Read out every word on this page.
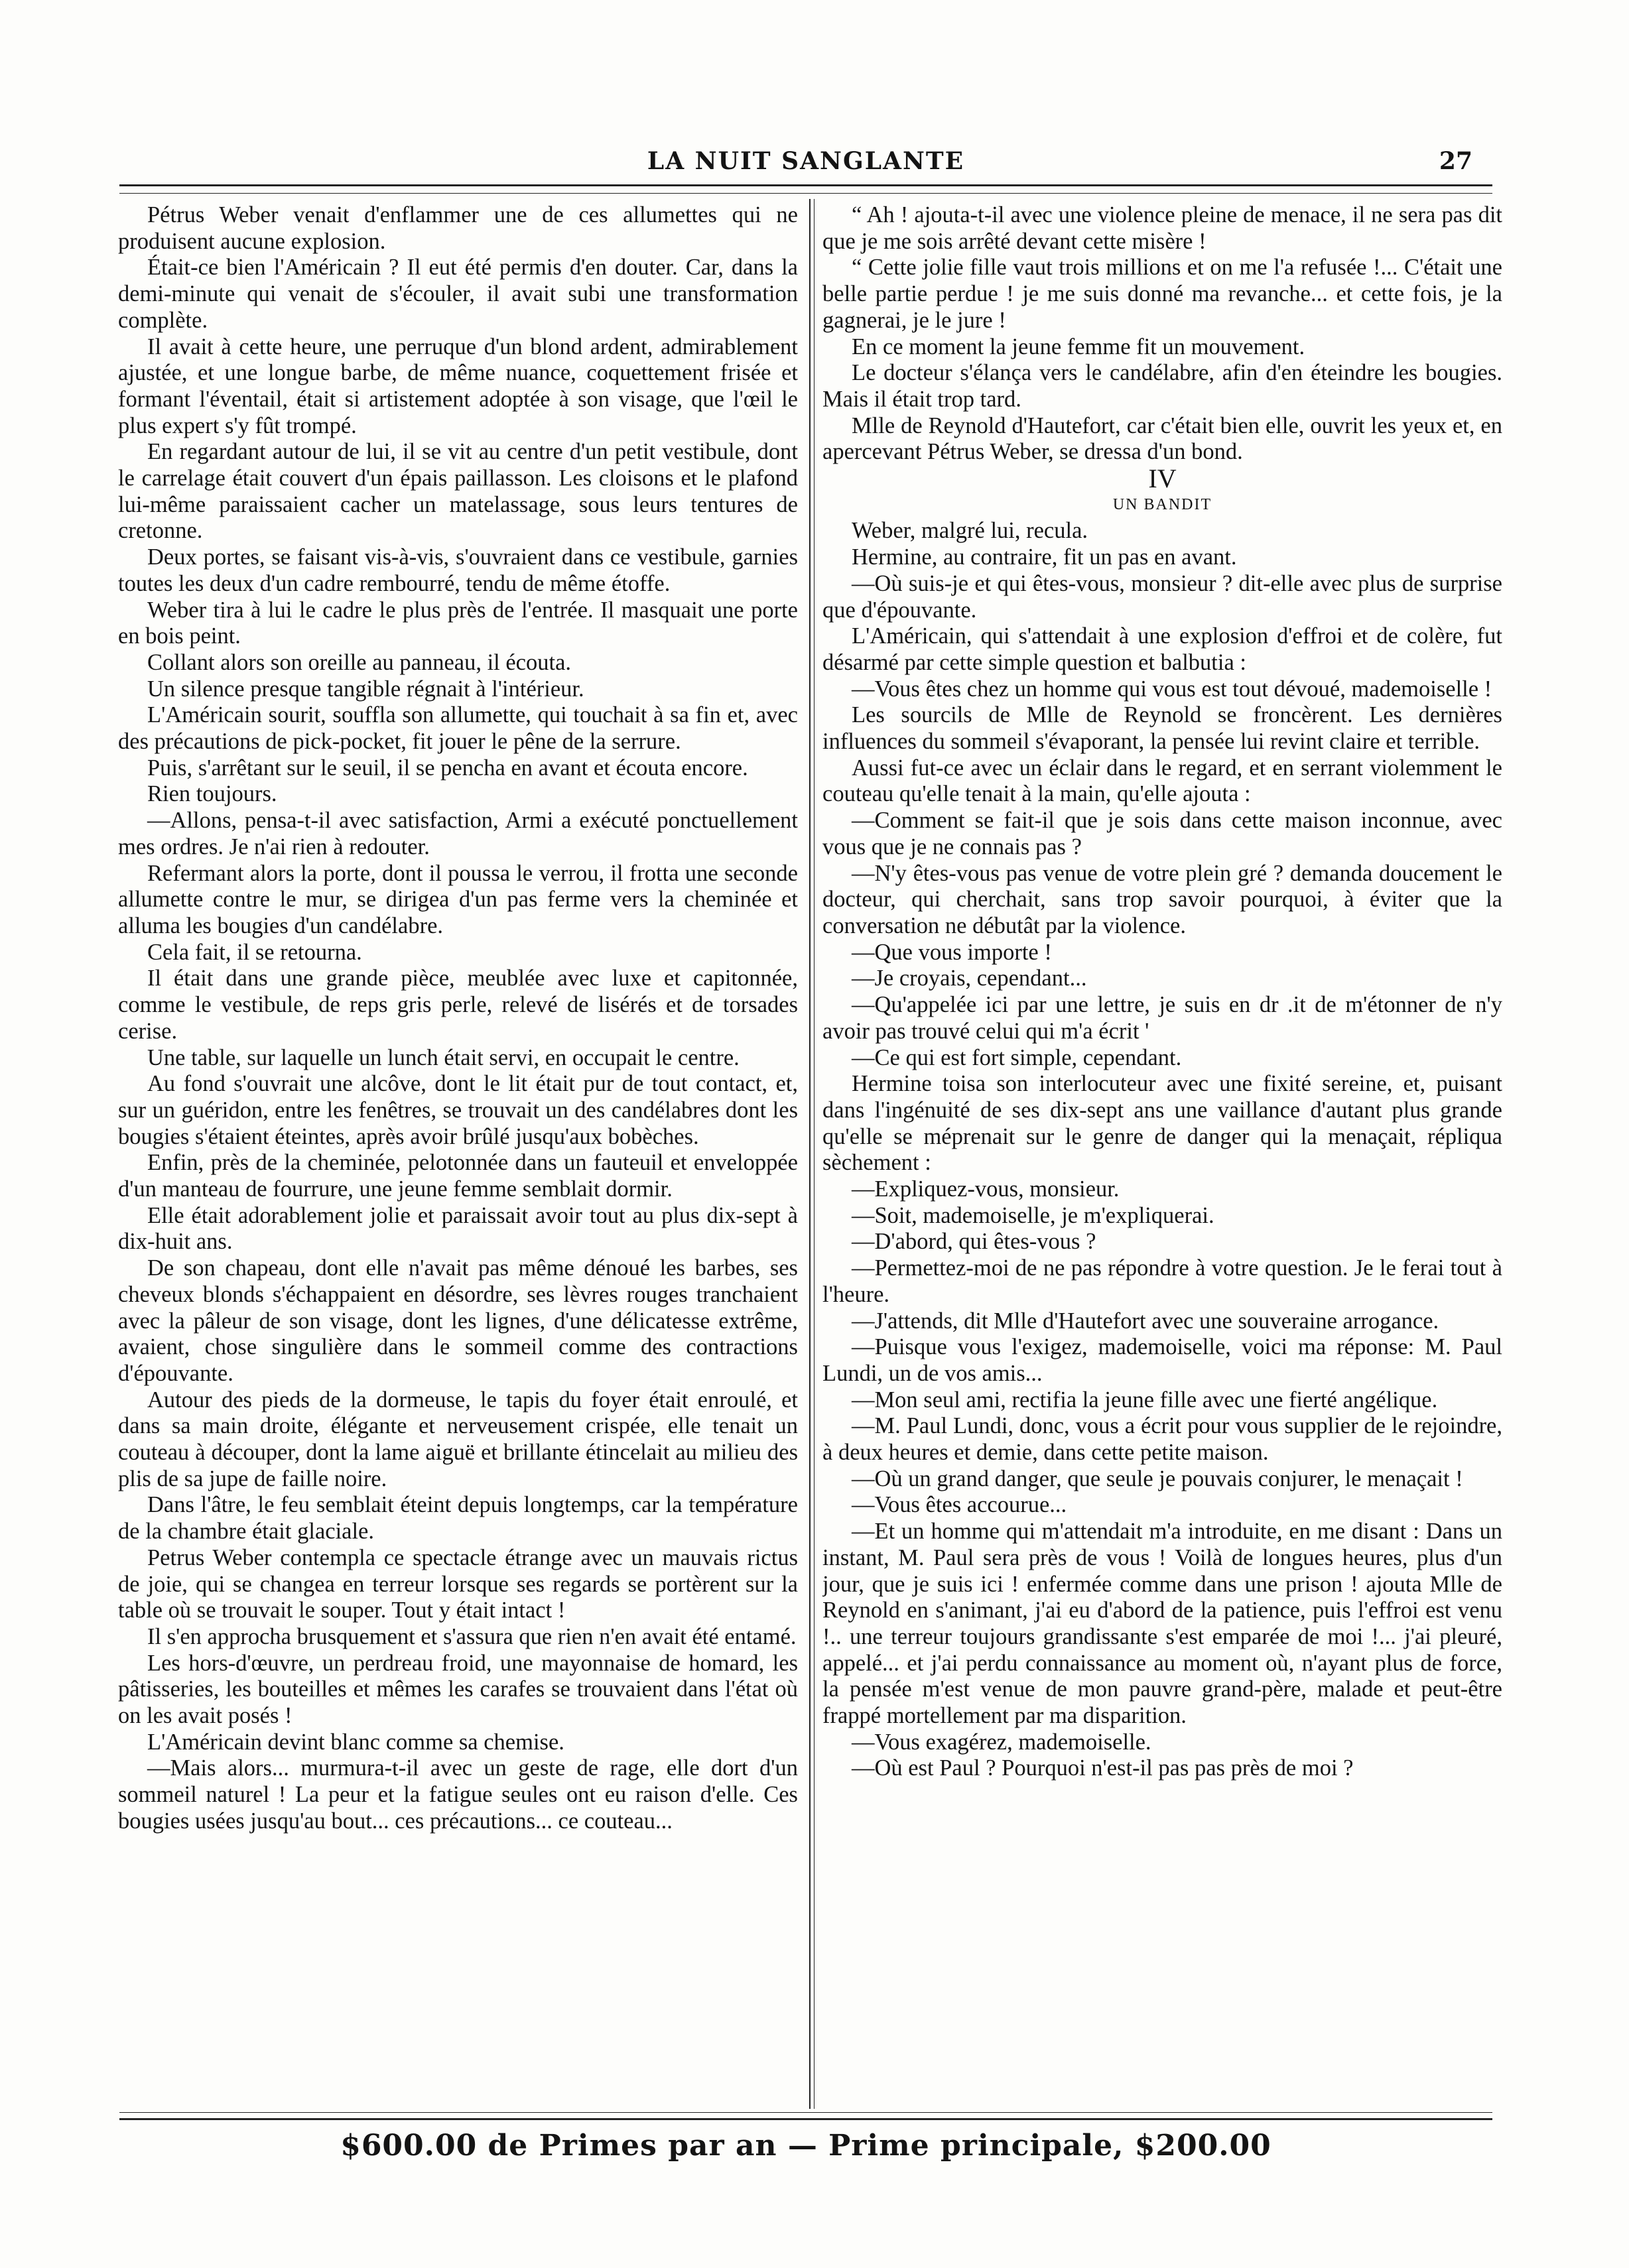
LA NUIT SANGLANTE	27

Pétrus Weber venait d'enflammer une de ces allumettes qui ne produisent aucune explosion.

Était-ce bien l'Américain ? Il eut été permis d'en douter. Car, dans la demi-minute qui venait de s'écouler, il avait subi une transformation complète.

Il avait à cette heure, une perruque d'un blond ardent, admirablement ajustée, et une longue barbe, de même nuance, coquettement frisée et formant l'éventail, était si artistement adoptée à son visage, que l'œil le plus expert s'y fût trompé.

En regardant autour de lui, il se vit au centre d'un petit vestibule, dont le carrelage était couvert d'un épais paillasson. Les cloisons et le plafond lui-même paraissaient cacher un matelassage, sous leurs tentures de cretonne.

Deux portes, se faisant vis-à-vis, s'ouvraient dans ce vestibule, garnies toutes les deux d'un cadre rembourré, tendu de même étoffe.

Weber tira à lui le cadre le plus près de l'entrée. Il masquait une porte en bois peint.

Collant alors son oreille au panneau, il écouta.

Un silence presque tangible régnait à l'intérieur.

L'Américain sourit, souffla son allumette, qui touchait à sa fin et, avec des précautions de pick-pocket, fit jouer le pêne de la serrure.

Puis, s'arrêtant sur le seuil, il se pencha en avant et écouta encore.

Rien toujours.

—Allons, pensa-t-il avec satisfaction, Armi a exécuté ponctuellement mes ordres. Je n'ai rien à redouter.

Refermant alors la porte, dont il poussa le verrou, il frotta une seconde allumette contre le mur, se dirigea d'un pas ferme vers la cheminée et alluma les bougies d'un candélabre.

Cela fait, il se retourna.

Il était dans une grande pièce, meublée avec luxe et capitonnée, comme le vestibule, de reps gris perle, relevé de lisérés et de torsades cerise.

Une table, sur laquelle un lunch était servi, en occupait le centre.

Au fond s'ouvrait une alcôve, dont le lit était pur de tout contact, et, sur un guéridon, entre les fenêtres, se trouvait un des candélabres dont les bougies s'étaient éteintes, après avoir brûlé jusqu'aux bobèches.

Enfin, près de la cheminée, pelotonnée dans un fauteuil et enveloppée d'un manteau de fourrure, une jeune femme semblait dormir.

Elle était adorablement jolie et paraissait avoir tout au plus dix-sept à dix-huit ans.

De son chapeau, dont elle n'avait pas même dénoué les barbes, ses cheveux blonds s'échappaient en désordre, ses lèvres rouges tranchaient avec la pâleur de son visage, dont les lignes, d'une délicatesse extrême, avaient, chose singulière dans le sommeil comme des contractions d'épouvante.

Autour des pieds de la dormeuse, le tapis du foyer était enroulé, et dans sa main droite, élégante et nerveusement crispée, elle tenait un couteau à découper, dont la lame aiguë et brillante étincelait au milieu des plis de sa jupe de faille noire.

Dans l'âtre, le feu semblait éteint depuis longtemps, car la température de la chambre était glaciale.

Petrus Weber contempla ce spectacle étrange avec un mauvais rictus de joie, qui se changea en terreur lorsque ses regards se portèrent sur la table où se trouvait le souper. Tout y était intact !

Il s'en approcha brusquement et s'assura que rien n'en avait été entamé.

Les hors-d'œuvre, un perdreau froid, une mayonnaise de homard, les pâtisseries, les bouteilles et mêmes les carafes se trouvaient dans l'état où on les avait posés !

L'Américain devint blanc comme sa chemise.

—Mais alors... murmura-t-il avec un geste de rage, elle dort d'un sommeil naturel ! La peur et la fatigue seules ont eu raison d'elle. Ces bougies usées jusqu'au bout... ces précautions... ce couteau...

“ Ah ! ajouta-t-il avec une violence pleine de menace, il ne sera pas dit que je me sois arrêté devant cette misère !

“ Cette jolie fille vaut trois millions et on me l'a refusée !... C'était une belle partie perdue ! je me suis donné ma revanche... et cette fois, je la gagnerai, je le jure !

En ce moment la jeune femme fit un mouvement.

Le docteur s'élança vers le candélabre, afin d'en éteindre les bougies. Mais il était trop tard.

Mlle de Reynold d'Hautefort, car c'était bien elle, ouvrit les yeux et, en apercevant Pétrus Weber, se dressa d'un bond.

IV

UN BANDIT

Weber, malgré lui, recula.

Hermine, au contraire, fit un pas en avant.

—Où suis-je et qui êtes-vous, monsieur ? dit-elle avec plus de surprise que d'épouvante.

L'Américain, qui s'attendait à une explosion d'effroi et de colère, fut désarmé par cette simple question et balbutia :

—Vous êtes chez un homme qui vous est tout dévoué, mademoiselle !

Les sourcils de Mlle de Reynold se froncèrent. Les dernières influences du sommeil s'évaporant, la pensée lui revint claire et terrible.

Aussi fut-ce avec un éclair dans le regard, et en serrant violemment le couteau qu'elle tenait à la main, qu'elle ajouta :

—Comment se fait-il que je sois dans cette maison inconnue, avec vous que je ne connais pas ?

—N'y êtes-vous pas venue de votre plein gré ? demanda doucement le docteur, qui cherchait, sans trop savoir pourquoi, à éviter que la conversation ne débutât par la violence.

—Que vous importe !

—Je croyais, cependant...

—Qu'appelée ici par une lettre, je suis en dr .it de m'étonner de n'y avoir pas trouvé celui qui m'a écrit '

—Ce qui est fort simple, cependant.

Hermine toisa son interlocuteur avec une fixité sereine, et, puisant dans l'ingénuité de ses dix-sept ans une vaillance d'autant plus grande qu'elle se méprenait sur le genre de danger qui la menaçait, répliqua sèchement :

—Expliquez-vous, monsieur.

—Soit, mademoiselle, je m'expliquerai.

—D'abord, qui êtes-vous ?

—Permettez-moi de ne pas répondre à votre question. Je le ferai tout à l'heure.

—J'attends, dit Mlle d'Hautefort avec une souveraine arrogance.

—Puisque vous l'exigez, mademoiselle, voici ma réponse: M. Paul Lundi, un de vos amis...

—Mon seul ami, rectifia la jeune fille avec une fierté angélique.

—M. Paul Lundi, donc, vous a écrit pour vous supplier de le rejoindre, à deux heures et demie, dans cette petite maison.

—Où un grand danger, que seule je pouvais conjurer, le menaçait !

—Vous êtes accourue...

—Et un homme qui m'attendait m'a introduite, en me disant : Dans un instant, M. Paul sera près de vous ! Voilà de longues heures, plus d'un jour, que je suis ici ! enfermée comme dans une prison ! ajouta Mlle de Reynold en s'animant, j'ai eu d'abord de la patience, puis l'effroi est venu !.. une terreur toujours grandissante s'est emparée de moi !... j'ai pleuré, appelé... et j'ai perdu connaissance au moment où, n'ayant plus de force, la pensée m'est venue de mon pauvre grand-père, malade et peut-être frappé mortellement par ma disparition.

—Vous exagérez, mademoiselle.

—Où est Paul ? Pourquoi n'est-il pas pas près de moi ?

$600.00 de Primes par an — Prime principale, $200.00
